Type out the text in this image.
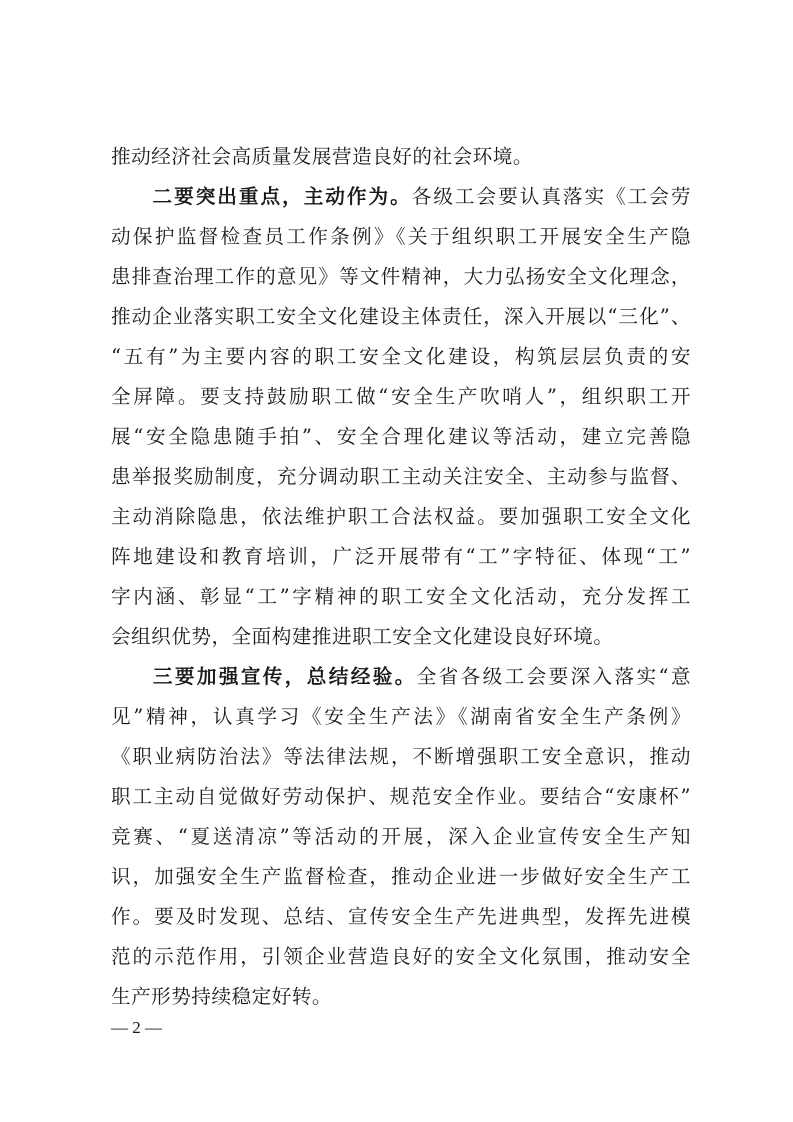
推动经济社会高质量发展营造良好的社会环境。
二要突出重点，主动作为。各级工会要认真落实《工会劳
动保护监督检查员工作条例》《关于组织职工开展安全生产隐
患排查治理工作的意见》等文件精神，大力弘扬安全文化理念，
推动企业落实职工安全文化建设主体责任，深入开展以“三化”、
“五有”为主要内容的职工安全文化建设，构筑层层负责的安
全屏障。要支持鼓励职工做“安全生产吹哨人”，组织职工开
展“安全隐患随手拍”、安全合理化建议等活动，建立完善隐
患举报奖励制度，充分调动职工主动关注安全、主动参与监督、
主动消除隐患，依法维护职工合法权益。要加强职工安全文化
阵地建设和教育培训，广泛开展带有“工”字特征、体现“工”
字内涵、彰显“工”字精神的职工安全文化活动，充分发挥工
会组织优势，全面构建推进职工安全文化建设良好环境。
三要加强宣传，总结经验。全省各级工会要深入落实“意
见”精神，认真学习《安全生产法》《湖南省安全生产条例》
《职业病防治法》等法律法规，不断增强职工安全意识，推动
职工主动自觉做好劳动保护、规范安全作业。要结合“安康杯”
竞赛、“夏送清凉”等活动的开展，深入企业宣传安全生产知
识，加强安全生产监督检查，推动企业进一步做好安全生产工
作。要及时发现、总结、宣传安全生产先进典型，发挥先进模
范的示范作用，引领企业营造良好的安全文化氛围，推动安全
生产形势持续稳定好转。
— 2 —
